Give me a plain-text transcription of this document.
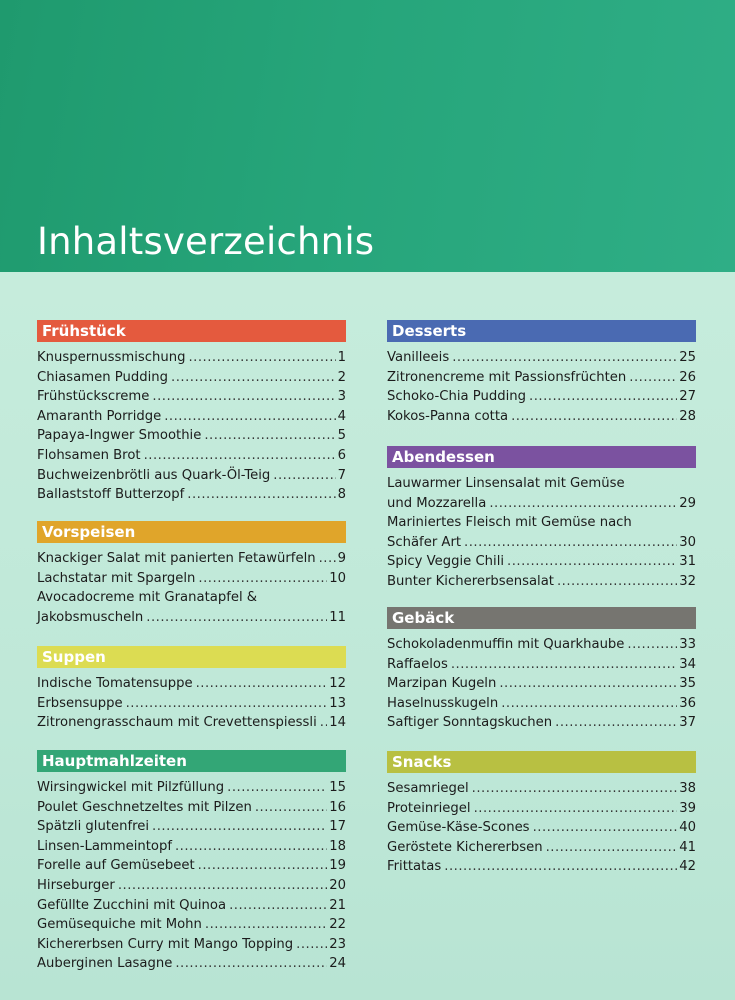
Inhaltsverzeichnis
Frühstück
Knuspernussmischung .....	1
Chiasamen Pudding .....	2
Frühstückscreme .....	3
Amaranth Porridge .....	4
Papaya-Ingwer Smoothie .....	5
Flohsamen Brot .....	6
Buchweizenbrötli aus Quark-Öl-Teig .....	7
Ballaststoff Butterzopf .....	8
Vorspeisen
Knackiger Salat mit panierten Fetawürfeln ..... 9
Lachstatar mit Spargeln .....	10
Avocadocreme mit Granatapfel &
Jakobsmuscheln .....	11
Suppen
Indische Tomatensuppe .....	12
Erbsensuppe .....	13
Zitronengrasschaum mit Crevettenspiessli ..... 14
Hauptmahlzeiten
Wirsingwickel mit Pilzfüllung .....	15
Poulet Geschnetzeltes mit Pilzen .....	16
Spätzli glutenfrei .....	17
Linsen-Lammeintopf .....	18
Forelle auf Gemüsebeet .....	19
Hirseburger .....	20
Gefüllte Zucchini mit Quinoa .....	21
Gemüsequiche mit Mohn .....	22
Kichererbsen Curry mit Mango Topping .....	23
Auberginen Lasagne .....	24
Desserts
Vanilleeis .....	25
Zitronencreme mit Passionsfrüchten .....	26
Schoko-Chia Pudding .....	27
Kokos-Panna cotta .....	28
Abendessen
Lauwarmer Linsensalat mit Gemüse
und Mozzarella .....	29
Mariniertes Fleisch mit Gemüse nach
Schäfer Art .....	30
Spicy Veggie Chili .....	31
Bunter Kichererbsensalat .....	32
Gebäck
Schokoladenmuffin mit Quarkhaube .....	33
Raffaelos .....	34
Marzipan Kugeln .....	35
Haselnusskugeln .....	36
Saftiger Sonntagskuchen .....	37
Snacks
Sesamriegel .....	38
Proteinriegel .....	39
Gemüse-Käse-Scones .....	40
Geröstete Kichererbsen .....	41
Frittatas .....	42
